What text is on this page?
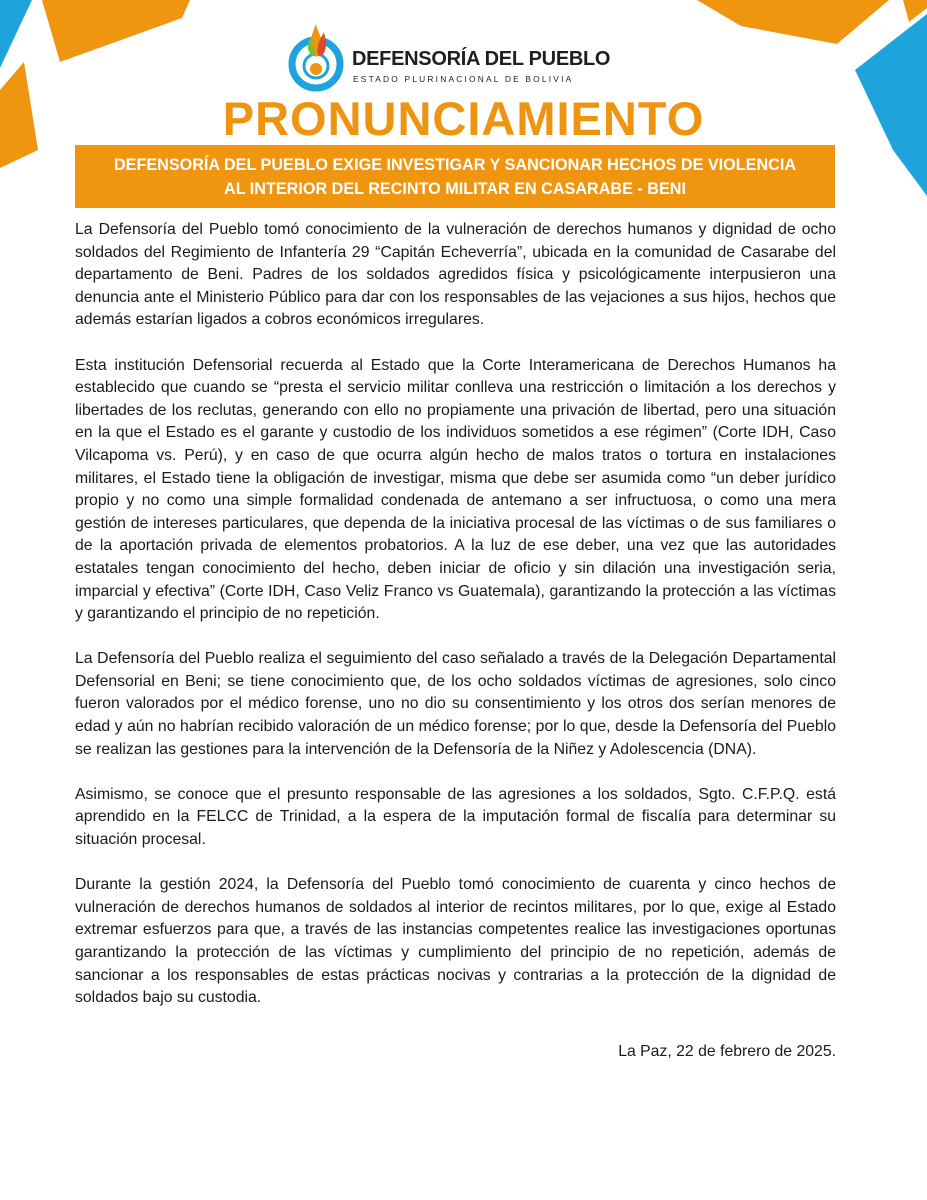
DEFENSORÍA DEL PUEBLO
ESTADO PLURINACIONAL DE BOLIVIA
PRONUNCIAMIENTO
DEFENSORÍA DEL PUEBLO EXIGE INVESTIGAR Y SANCIONAR HECHOS DE VIOLENCIA
AL INTERIOR DEL RECINTO MILITAR EN CASARABE - BENI

La Defensoría del Pueblo tomó conocimiento de la vulneración de derechos humanos y dignidad de ocho soldados del Regimiento de Infantería 29 “Capitán Echeverría”, ubicada en la comunidad de Casarabe del departamento de Beni. Padres de los soldados agredidos física y psicológicamente interpusieron una denuncia ante el Ministerio Público para dar con los responsables de las vejaciones a sus hijos, hechos que además estarían ligados a cobros económicos irregulares.

Esta institución Defensorial recuerda al Estado que la Corte Interamericana de Derechos Humanos ha establecido que cuando se “presta el servicio militar conlleva una restricción o limitación a los derechos y libertades de los reclutas, generando con ello no propiamente una privación de libertad, pero una situación en la que el Estado es el garante y custodio de los individuos sometidos a ese régimen” (Corte IDH, Caso Vilcapoma vs. Perú), y en caso de que ocurra algún hecho de malos tratos o tortura en instalaciones militares, el Estado tiene la obligación de investigar, misma que debe ser asumida como “un deber jurídico propio y no como una simple formalidad condenada de antemano a ser infructuosa, o como una mera gestión de intereses particulares, que dependa de la iniciativa procesal de las víctimas o de sus familiares o de la aportación privada de elementos probatorios. A la luz de ese deber, una vez que las autoridades estatales tengan conocimiento del hecho, deben iniciar de oficio y sin dilación una investigación seria, imparcial y efectiva” (Corte IDH, Caso Veliz Franco vs Guatemala), garantizando la protección a las víctimas y garantizando el principio de no repetición.

La Defensoría del Pueblo realiza el seguimiento del caso señalado a través de la Delegación Departamental Defensorial en Beni; se tiene conocimiento que, de los ocho soldados víctimas de agresiones, solo cinco fueron valorados por el médico forense, uno no dio su consentimiento y los otros dos serían menores de edad y aún no habrían recibido valoración de un médico forense; por lo que, desde la Defensoría del Pueblo se realizan las gestiones para la intervención de la Defensoría de la Niñez y Adolescencia (DNA).

Asimismo, se conoce que el presunto responsable de las agresiones a los soldados, Sgto. C.F.P.Q. está aprendido en la FELCC de Trinidad, a la espera de la imputación formal de fiscalía para determinar su situación procesal.

Durante la gestión 2024, la Defensoría del Pueblo tomó conocimiento de cuarenta y cinco hechos de vulneración de derechos humanos de soldados al interior de recintos militares, por lo que, exige al Estado extremar esfuerzos para que, a través de las instancias competentes realice las investigaciones oportunas garantizando la protección de las víctimas y cumplimiento del principio de no repetición, además de sancionar a los responsables de estas prácticas nocivas y contrarias a la protección de la dignidad de soldados bajo su custodia.

La Paz, 22 de febrero de 2025.
